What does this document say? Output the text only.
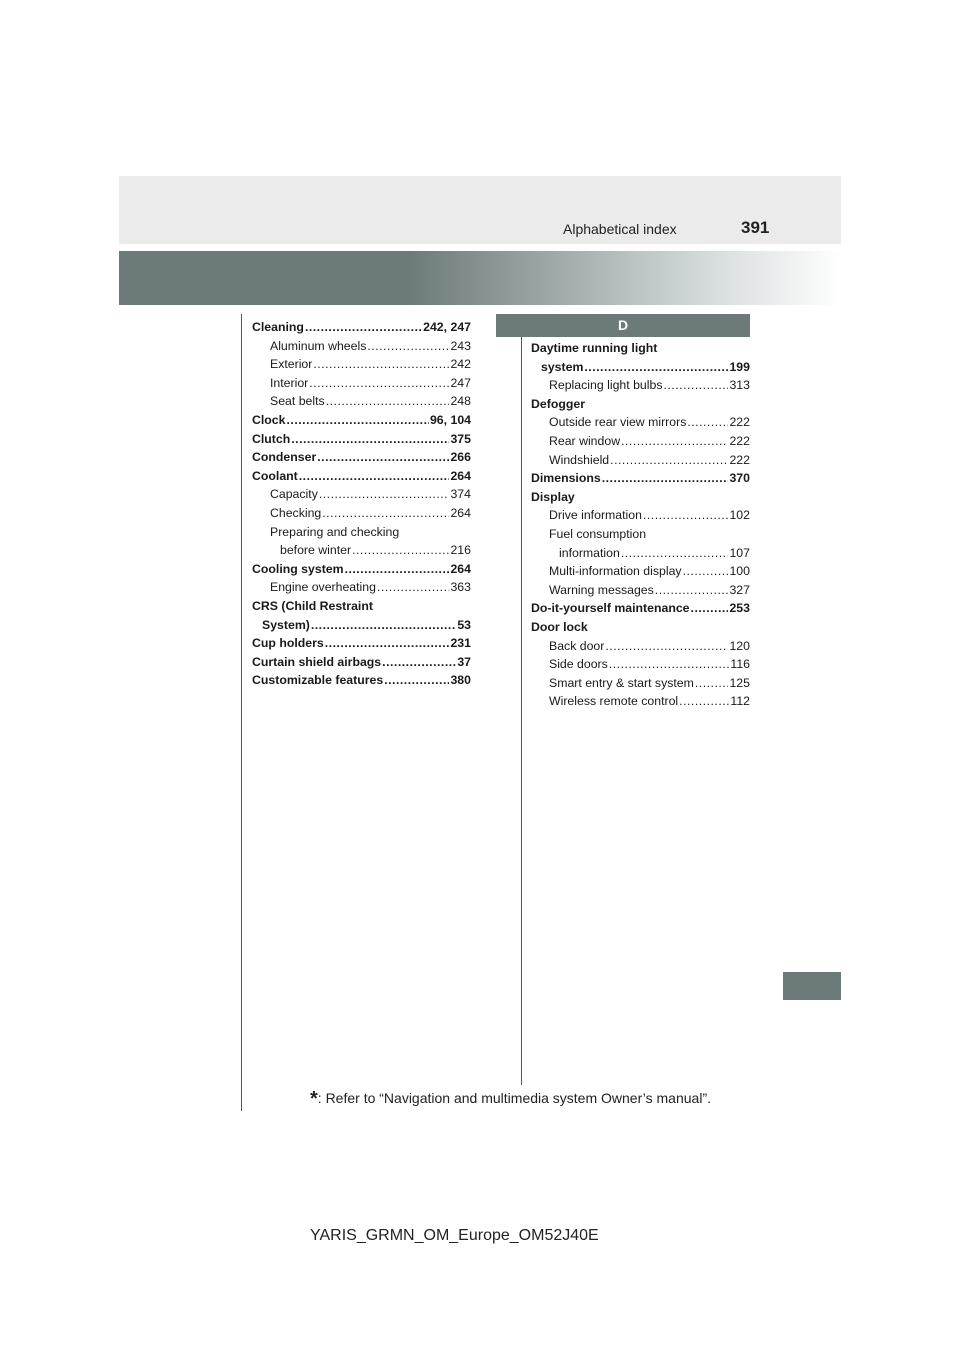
391
Alphabetical index
Cleaning .....	242, 247
Aluminum wheels .....	243
Exterior .....	242
Interior .....	247
Seat belts .....	248
Clock .....	96, 104
Clutch .....	375
Condenser .....	266
Coolant .....	264
Capacity .....	374
Checking .....	264
Preparing and checking
before winter .....	216
Cooling system .....	264
Engine overheating .....	363
CRS (Child Restraint
System) .....	53
Cup holders .....	231
Curtain shield airbags .....	37
Customizable features .....	380
D
Daytime running light
system .....	199
Replacing light bulbs .....	313
Defogger
Outside rear view mirrors .....	222
Rear window .....	222
Windshield .....	222
Dimensions .....	370
Display
Drive information .....	102
Fuel consumption
information .....	107
Multi-information display .....	100
Warning messages .....	327
Do-it-yourself maintenance .....	253
Door lock
Back door .....	120
Side doors .....	116
Smart entry & start system .....	125
Wireless remote control .....	112
*: Refer to “Navigation and multimedia system Owner’s manual”.
YARIS_GRMN_OM_Europe_OM52J40E
